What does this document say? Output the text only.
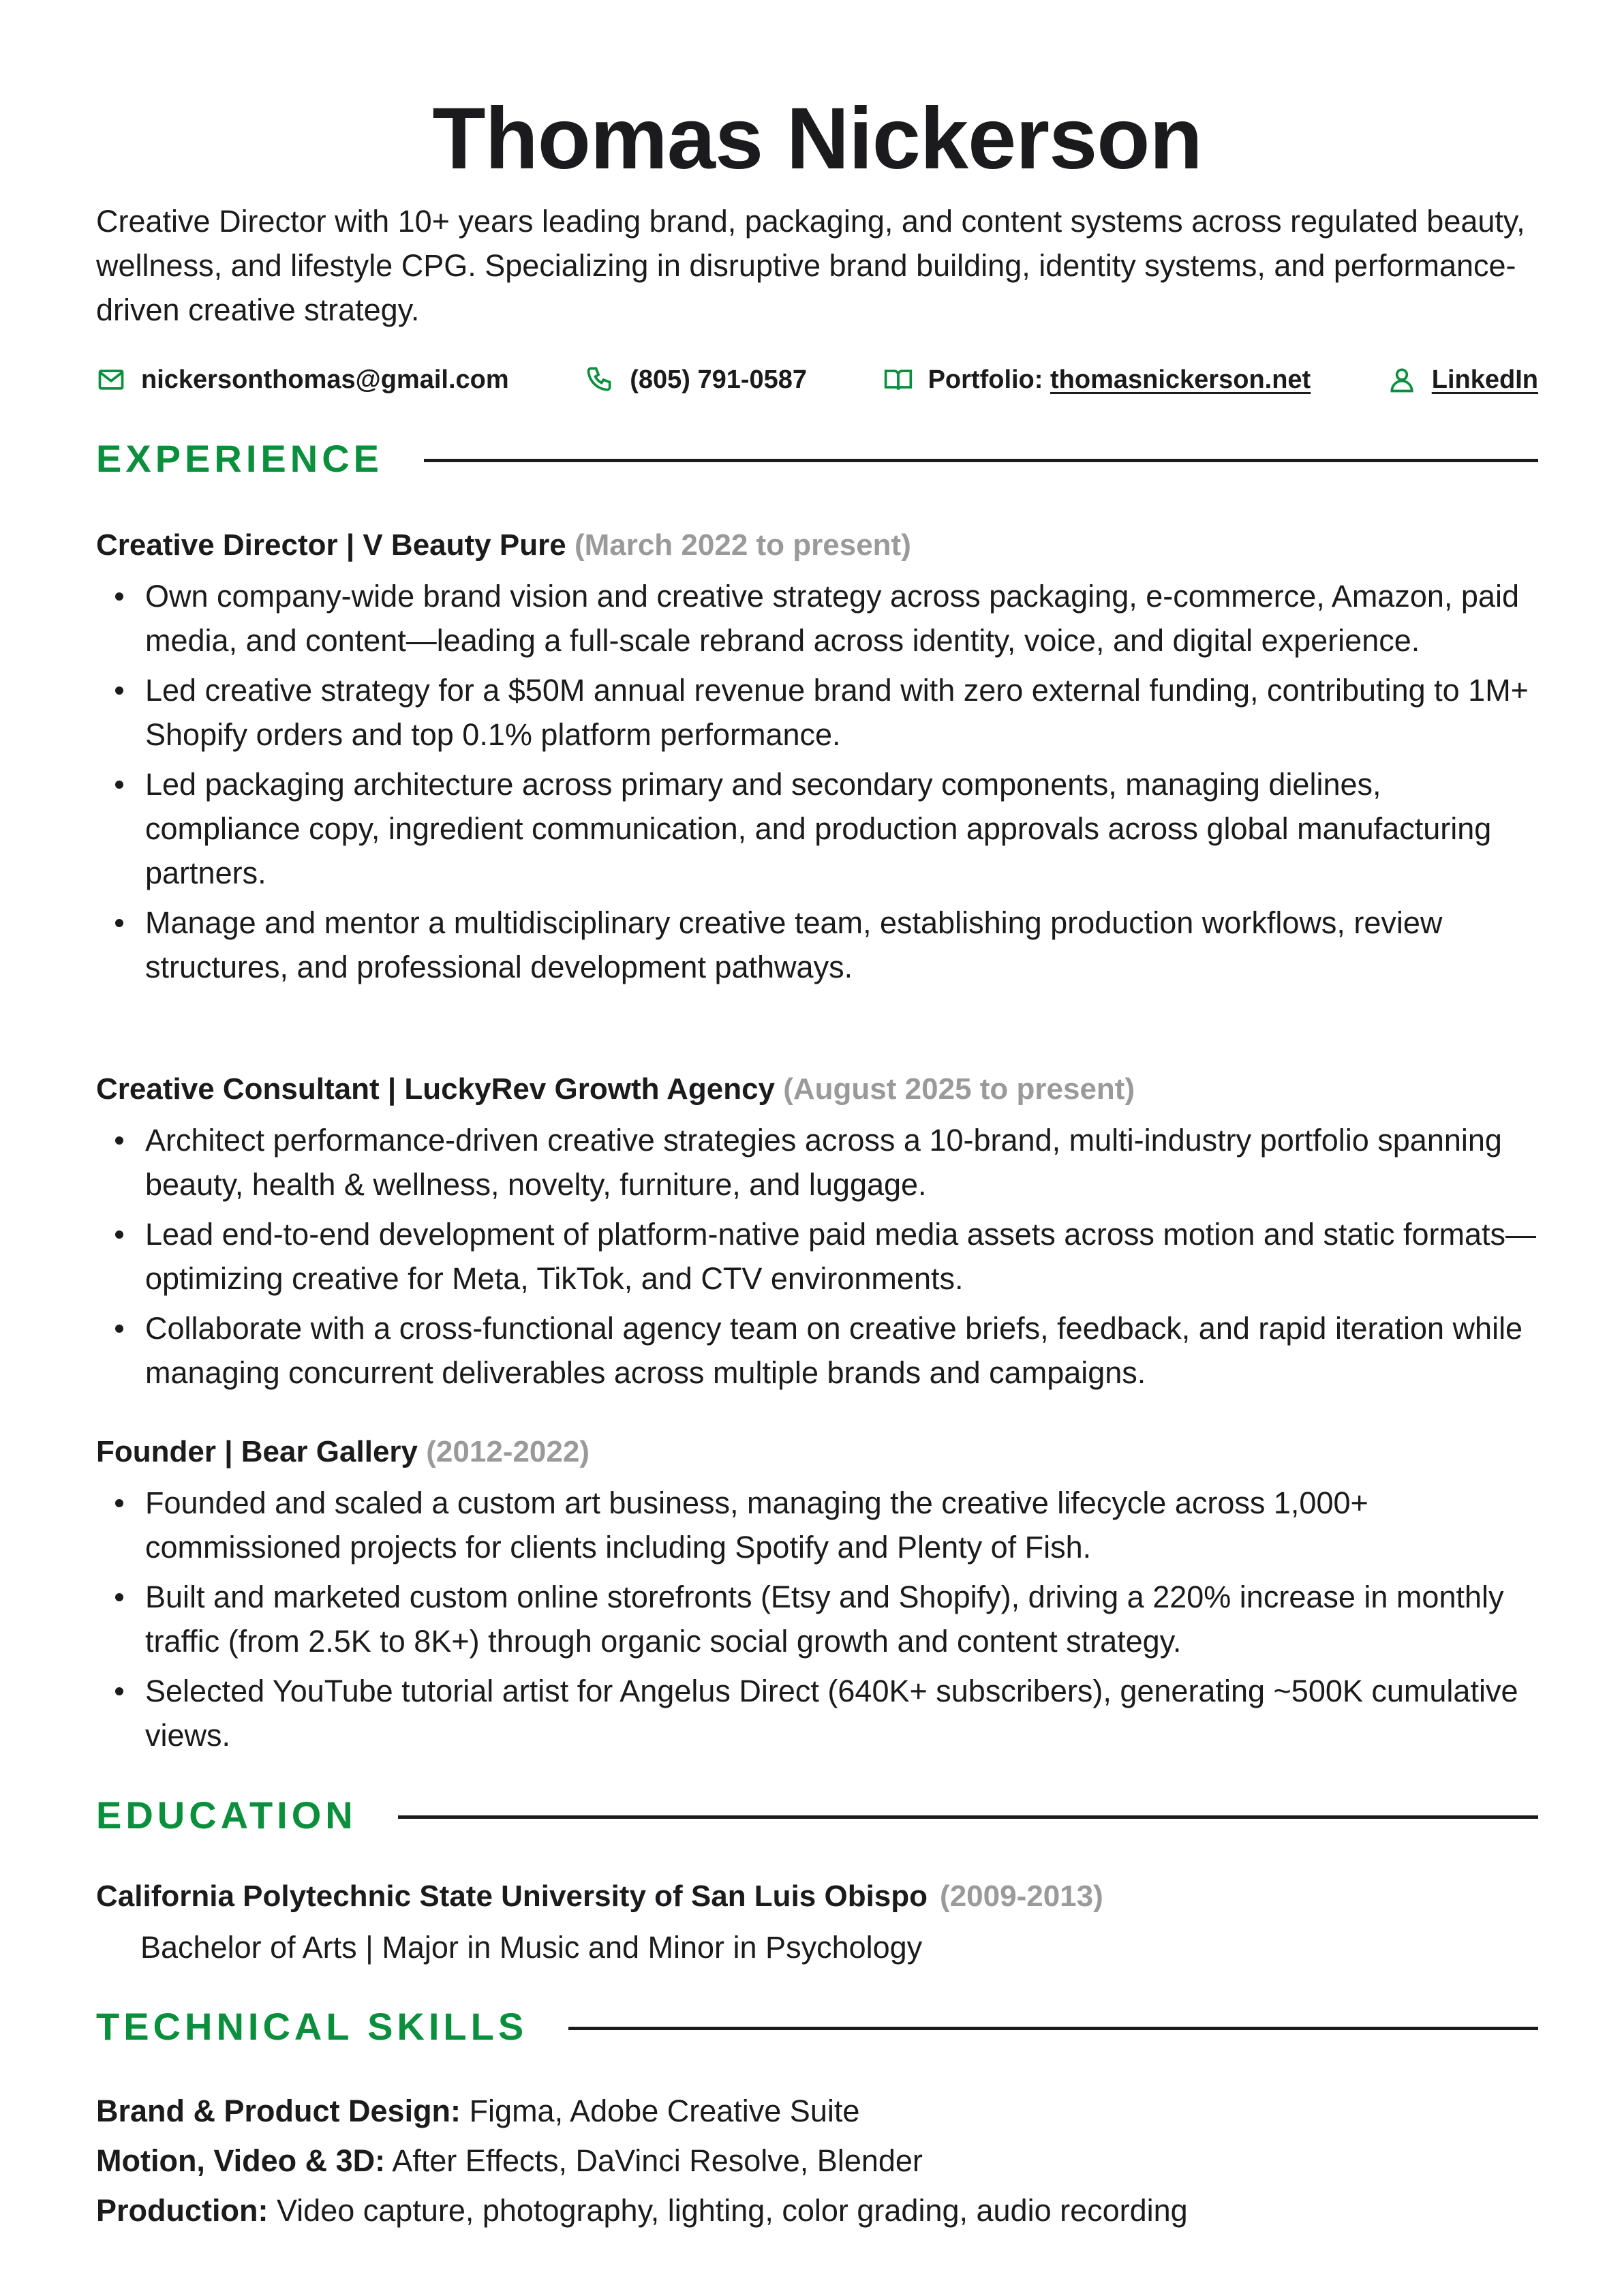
Thomas Nickerson

Creative Director with 10+ years leading brand, packaging, and content systems across regulated beauty, wellness, and lifestyle CPG. Specializing in disruptive brand building, identity systems, and performance-driven creative strategy.

nickersonthomas@gmail.com	(805) 791-0587	Portfolio: thomasnickerson.net	LinkedIn
EXPERIENCE
Creative Director | V Beauty Pure (March 2022 to present)
Own company-wide brand vision and creative strategy across packaging, e-commerce, Amazon, paid media, and content—leading a full-scale rebrand across identity, voice, and digital experience.
Led creative strategy for a $50M annual revenue brand with zero external funding, contributing to 1M+ Shopify orders and top 0.1% platform performance.
Led packaging architecture across primary and secondary components, managing dielines, compliance copy, ingredient communication, and production approvals across global manufacturing partners.
Manage and mentor a multidisciplinary creative team, establishing production workflows, review structures, and professional development pathways.
Creative Consultant | LuckyRev Growth Agency (August 2025 to present)
Architect performance-driven creative strategies across a 10-brand, multi-industry portfolio spanning beauty, health & wellness, novelty, furniture, and luggage.
Lead end-to-end development of platform-native paid media assets across motion and static formats—optimizing creative for Meta, TikTok, and CTV environments.
Collaborate with a cross-functional agency team on creative briefs, feedback, and rapid iteration while managing concurrent deliverables across multiple brands and campaigns.
Founder | Bear Gallery (2012-2022)
Founded and scaled a custom art business, managing the creative lifecycle across 1,000+ commissioned projects for clients including Spotify and Plenty of Fish.
Built and marketed custom online storefronts (Etsy and Shopify), driving a 220% increase in monthly traffic (from 2.5K to 8K+) through organic social growth and content strategy.
Selected YouTube tutorial artist for Angelus Direct (640K+ subscribers), generating ~500K cumulative views.
EDUCATION
California Polytechnic State University of San Luis Obispo (2009-2013)

Bachelor of Arts | Major in Music and Minor in Psychology

TECHNICAL SKILLS
Brand & Product Design: Figma, Adobe Creative Suite
Motion, Video & 3D: After Effects, DaVinci Resolve, Blender
Production: Video capture, photography, lighting, color grading, audio recording
